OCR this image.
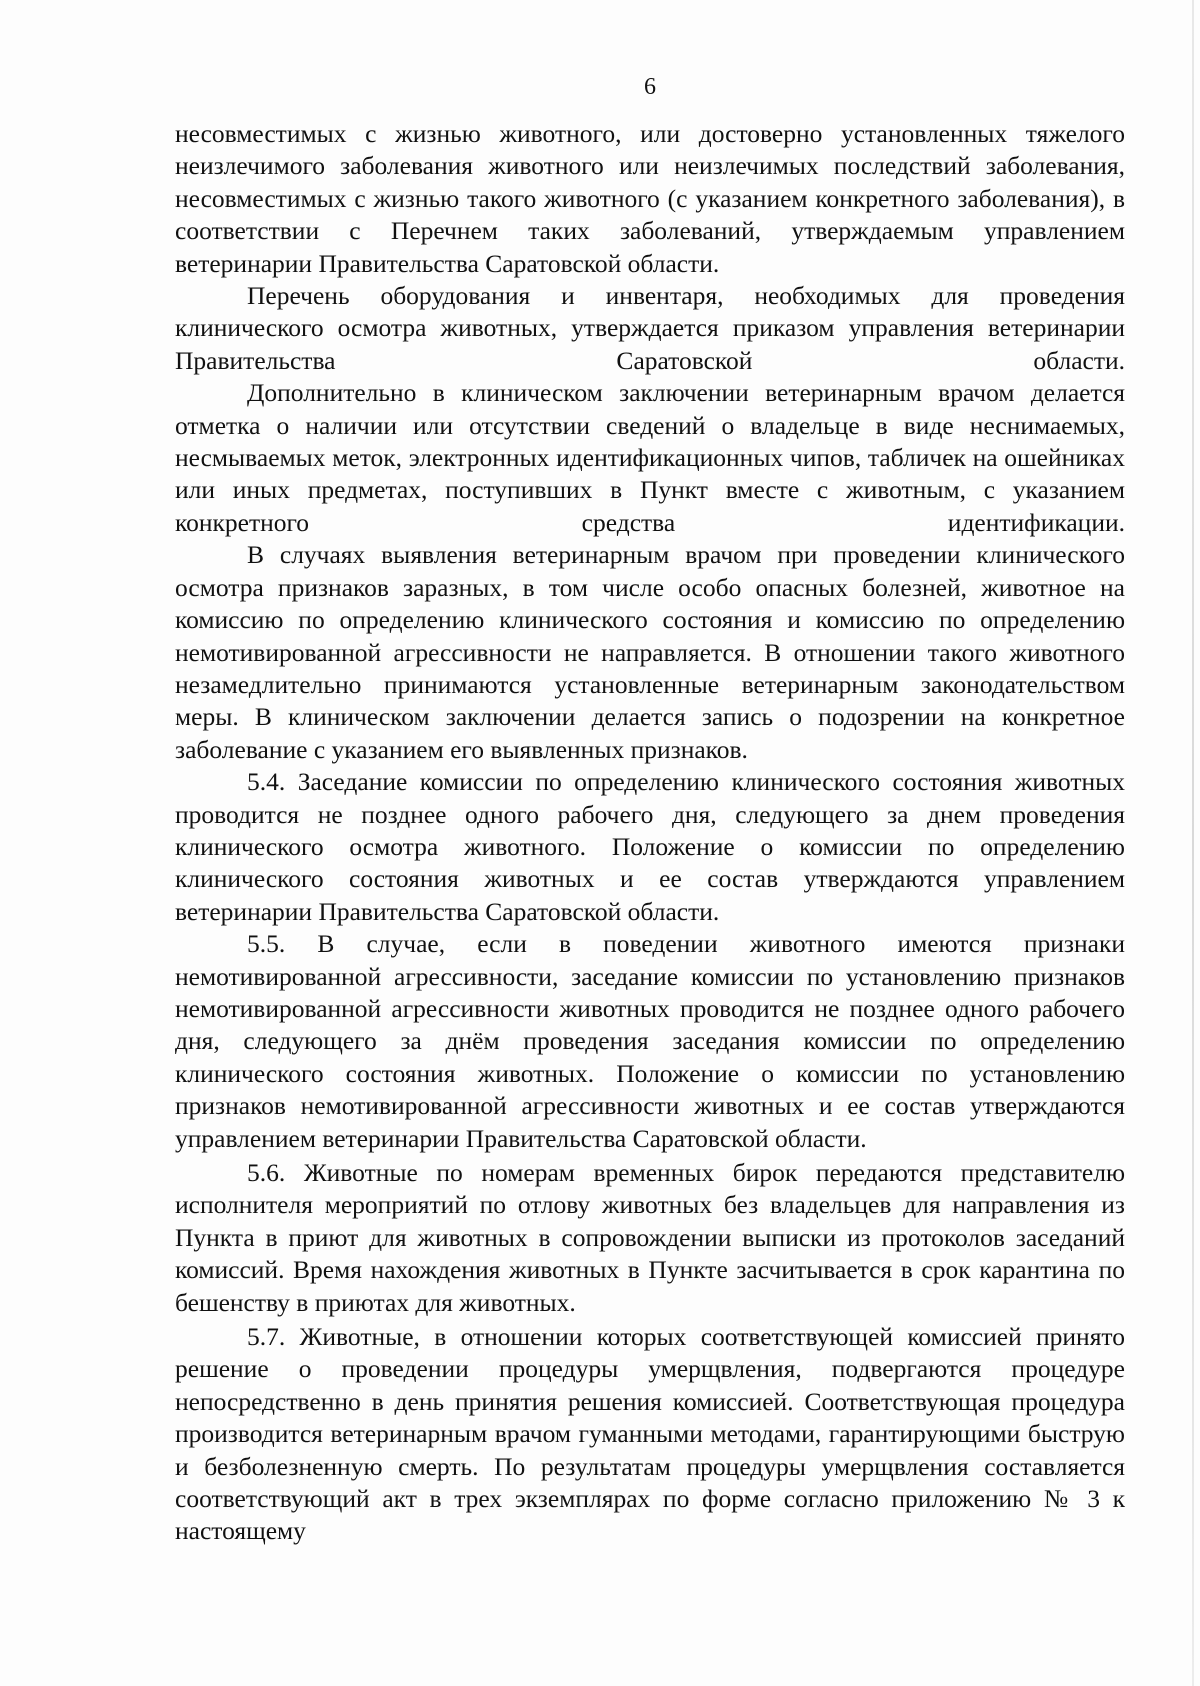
6

несовместимых с жизнью животного, или достоверно установленных тяжелого неизлечимого заболевания животного или неизлечимых последствий заболевания, несовместимых с жизнью такого животного (с указанием конкретного заболевания), в соответствии с Перечнем таких заболеваний, утверждаемым управлением ветеринарии Правительства Саратовской области.

Перечень оборудования и инвентаря, необходимых для проведения клинического осмотра животных, утверждается приказом управления ветеринарии Правительства Саратовской области.

Дополнительно в клиническом заключении ветеринарным врачом делается отметка о наличии или отсутствии сведений о владельце в виде неснимаемых, несмываемых меток, электронных идентификационных чипов, табличек на ошейниках или иных предметах, поступивших в Пункт вместе с животным, с указанием конкретного средства идентификации.

В случаях выявления ветеринарным врачом при проведении клинического осмотра признаков заразных, в том числе особо опасных болезней, животное на комиссию по определению клинического состояния и комиссию по определению немотивированной агрессивности не направляется. В отношении такого животного незамедлительно принимаются установленные ветеринарным законодательством меры. В клиническом заключении делается запись о подозрении на конкретное заболевание с указанием его выявленных признаков.

5.4. Заседание комиссии по определению клинического состояния животных проводится не позднее одного рабочего дня, следующего за днем проведения клинического осмотра животного. Положение о комиссии по определению клинического состояния животных и ее состав утверждаются управлением ветеринарии Правительства Саратовской области.

5.5. В случае, если в поведении животного имеются признаки немотивированной агрессивности, заседание комиссии по установлению признаков немотивированной агрессивности животных проводится не позднее одного рабочего дня, следующего за днём проведения заседания комиссии по определению клинического состояния животных. Положение о комиссии по установлению признаков немотивированной агрессивности животных и ее состав утверждаются управлением ветеринарии Правительства Саратовской области.

5.6. Животные по номерам временных бирок передаются представителю исполнителя мероприятий по отлову животных без владельцев для направления из Пункта в приют для животных в сопровождении выписки из протоколов заседаний комиссий. Время нахождения животных в Пункте засчитывается в срок карантина по бешенству в приютах для животных.

5.7. Животные, в отношении которых соответствующей комиссией принято решение о проведении процедуры умерщвления, подвергаются процедуре непосредственно в день принятия решения комиссией. Соответствующая процедура производится ветеринарным врачом гуманными методами, гарантирующими быструю и безболезненную смерть. По результатам процедуры умерщвления составляется соответствующий акт в трех экземплярах по форме согласно приложению № 3 к настоящему
